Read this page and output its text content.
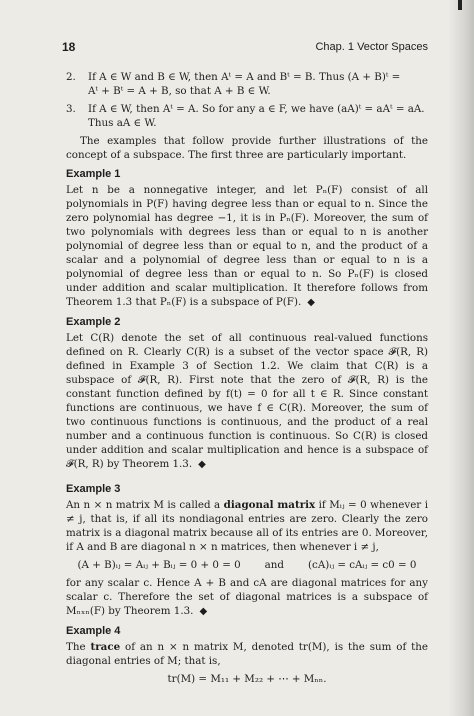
18	Chap. 1 Vector Spaces
2.	If A ∈ W and B ∈ W, then Aᵗ = A and Bᵗ = B. Thus (A + B)ᵗ =
Aᵗ + Bᵗ = A + B, so that A + B ∈ W.
3.	If A ∈ W, then Aᵗ = A. So for any a ∈ F, we have (aA)ᵗ = aAᵗ = aA.
Thus aA ∈ W.

The examples that follow provide further illustrations of the concept of a subspace. The first three are particularly important.

Example 1

Let n be a nonnegative integer, and let Pₙ(F) consist of all polynomials in P(F) having degree less than or equal to n. Since the zero polynomial has degree −1, it is in Pₙ(F). Moreover, the sum of two polynomials with degrees less than or equal to n is another polynomial of degree less than or equal to n, and the product of a scalar and a polynomial of degree less than or equal to n is a polynomial of degree less than or equal to n. So Pₙ(F) is closed under addition and scalar multiplication. It therefore follows from Theorem 1.3 that Pₙ(F) is a subspace of P(F). ◆

Example 2

Let C(R) denote the set of all continuous real-valued functions defined on R. Clearly C(R) is a subset of the vector space 𝓕(R, R) defined in Example 3 of Section 1.2. We claim that C(R) is a subspace of 𝓕(R, R). First note that the zero of 𝓕(R, R) is the constant function defined by f(t) = 0 for all t ∈ R. Since constant functions are continuous, we have f ∈ C(R). Moreover, the sum of two continuous functions is continuous, and the product of a real number and a continuous function is continuous. So C(R) is closed under addition and scalar multiplication and hence is a subspace of 𝓕(R, R) by Theorem 1.3. ◆

Example 3

An n × n matrix M is called a diagonal matrix if Mᵢⱼ = 0 whenever i ≠ j, that is, if all its nondiagonal entries are zero. Clearly the zero matrix is a diagonal matrix because all of its entries are 0. Moreover, if A and B are diagonal n × n matrices, then whenever i ≠ j,

(A + B)ᵢⱼ = Aᵢⱼ + Bᵢⱼ = 0 + 0 = 0 and (cA)ᵢⱼ = cAᵢⱼ = c0 = 0

for any scalar c. Hence A + B and cA are diagonal matrices for any scalar c. Therefore the set of diagonal matrices is a subspace of Mₙₓₙ(F) by Theorem 1.3. ◆

Example 4

The trace of an n × n matrix M, denoted tr(M), is the sum of the diagonal entries of M; that is,

tr(M) = M₁₁ + M₂₂ + ⋯ + Mₙₙ.
